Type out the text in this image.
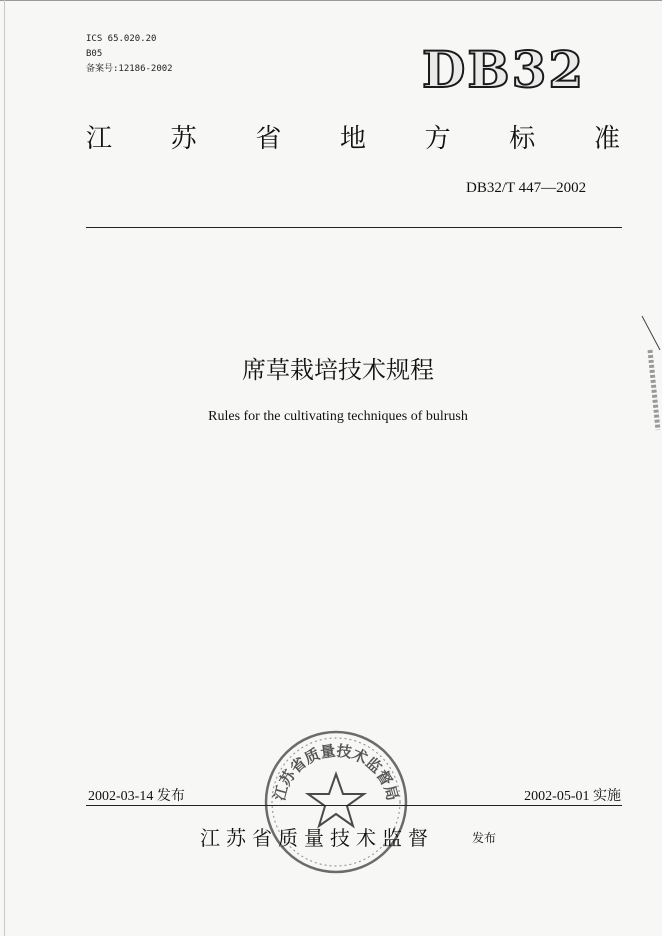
ICS 65.020.20
B05
备案号:12186-2002	DB32
江 苏 省 地 方 标 准
DB32/T 447—2002
席草栽培技术规程
Rules for the cultivating techniques of bulrush
江苏省质量技术监督局
2002-03-14 发布	2002-05-01 实施
江苏省质量技术监督	发布
